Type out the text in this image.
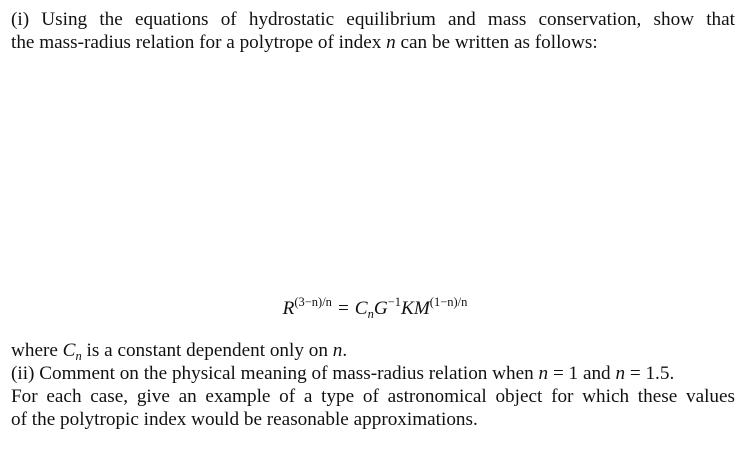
(i) Using the equations of hydrostatic equilibrium and mass conservation, show that
the mass-radius relation for a polytrope of index n can be written as follows:
$R^{(3-n)/n} = C_nG^{-1}KM^{(1-n)/n}$
where $C_n$ is a constant dependent only on n.
(ii) Comment on the physical meaning of mass-radius relation when n = 1 and n = 1.5.
For each case, give an example of a type of astronomical object for which these values
of the polytropic index would be reasonable approximations.
